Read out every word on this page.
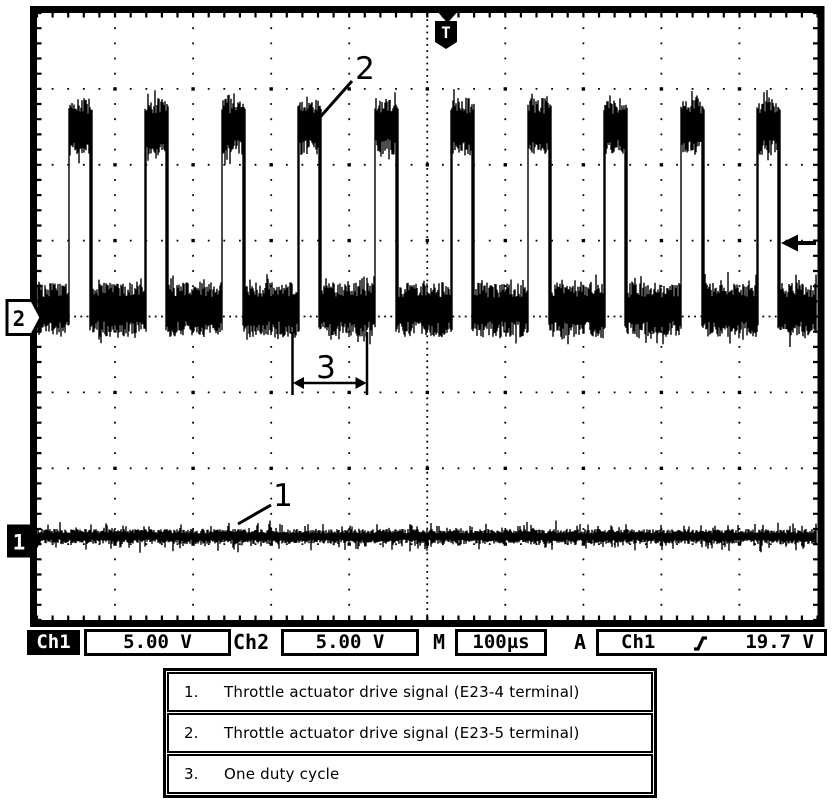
T
2
1
2
1
3
Ch1	5.00 V	Ch2	5.00 V	M	100µs	A Ch1	19.7 V
1.	Throttle actuator drive signal (E23-4 terminal)
2.	Throttle actuator drive signal (E23-5 terminal)
3.	One duty cycle
